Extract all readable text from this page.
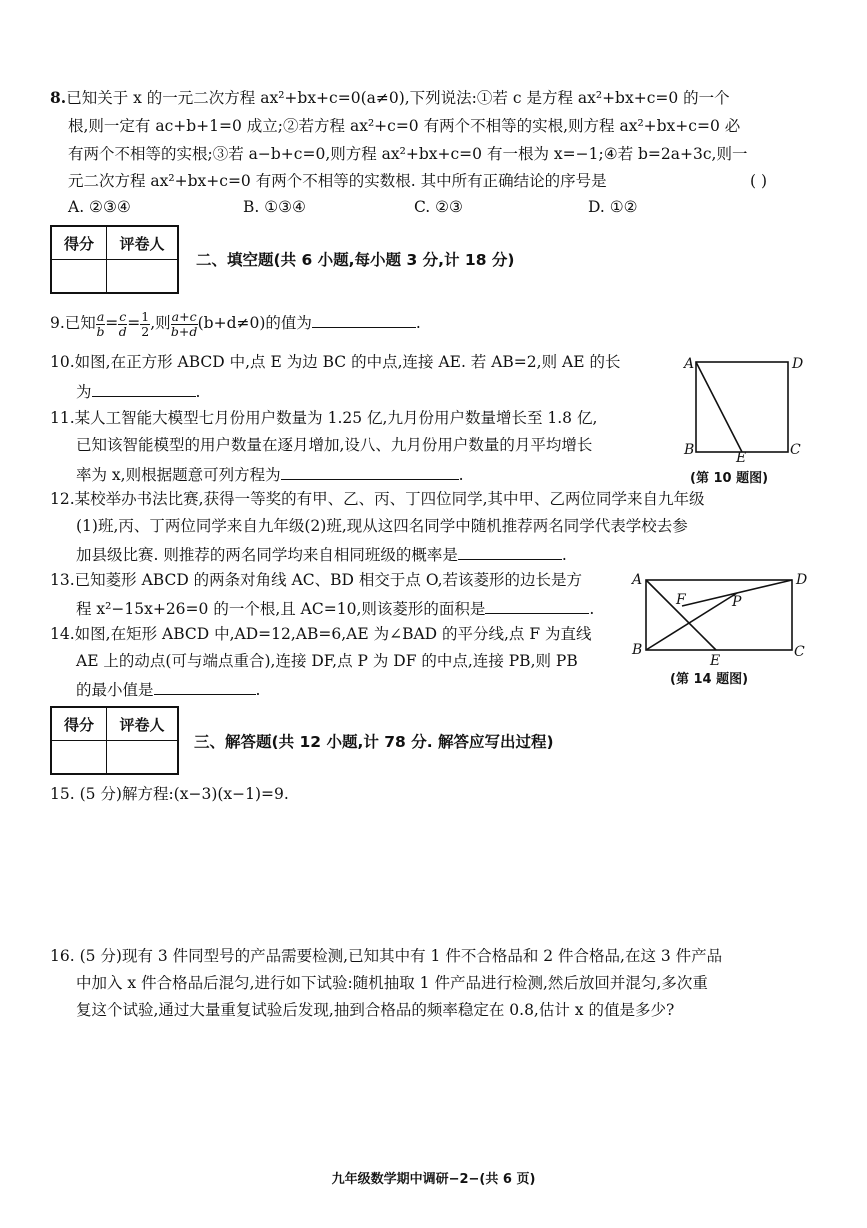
8.已知关于 x 的一元二次方程 ax²+bx+c=0(a≠0),下列说法:①若 c 是方程 ax²+bx+c=0 的一个
根,则一定有 ac+b+1=0 成立;②若方程 ax²+c=0 有两个不相等的实根,则方程 ax²+bx+c=0 必
有两个不相等的实根;③若 a−b+c=0,则方程 ax²+bx+c=0 有一根为 x=−1;④若 b=2a+3c,则一
元二次方程 ax²+bx+c=0 有两个不相等的实数根. 其中所有正确结论的序号是	( )
A. ②③④	B. ①③④	C. ②③	D. ①②
得分	评卷人

二、填空题(共 6 小题,每小题 3 分,计 18 分)
9.已知 $\frac{a}{b} = \frac{c}{d} = \frac{1}{2}$ ,则 $\frac{a+c}{b+d} (b+d\ne 0)$的值为	.
10.如图,在正方形 ABCD 中,点 E 为边 BC 的中点,连接 AE. 若 AB=2,则 AE 的长
为	.
A	D
B	C
E
(第 10 题图)
11.某人工智能大模型七月份用户数量为 1.25 亿,九月份用户数量增长至 1.8 亿,
已知该智能模型的用户数量在逐月增加,设八、九月份用户数量的月平均增长
率为 x,则根据题意可列方程为	.
12.某校举办书法比赛,获得一等奖的有甲、乙、丙、丁四位同学,其中甲、乙两位同学来自九年级
(1)班,丙、丁两位同学来自九年级(2)班,现从这四名同学中随机推荐两名同学代表学校去参
加县级比赛. 则推荐的两名同学均来自相同班级的概率是	.
13.已知菱形 ABCD 的两条对角线 AC、BD 相交于点 O,若该菱形的边长是方
程 x²−15x+26=0 的一个根,且 AC=10,则该菱形的面积是	.
A	D
B	C
E
F	P
(第 14 题图)
14.如图,在矩形 ABCD 中,AD=12,AB=6,AE 为∠BAD 的平分线,点 F 为直线
AE 上的动点(可与端点重合),连接 DF,点 P 为 DF 的中点,连接 PB,则 PB
的最小值是	.
得分	评卷人

三、解答题(共 12 小题,计 78 分. 解答应写出过程)
15. (5 分)解方程:(x−3)(x−1)=9.
16. (5 分)现有 3 件同型号的产品需要检测,已知其中有 1 件不合格品和 2 件合格品,在这 3 件产品
中加入 x 件合格品后混匀,进行如下试验:随机抽取 1 件产品进行检测,然后放回并混匀,多次重
复这个试验,通过大量重复试验后发现,抽到合格品的频率稳定在 0.8,估计 x 的值是多少?
九年级数学期中调研−2−(共 6 页)
